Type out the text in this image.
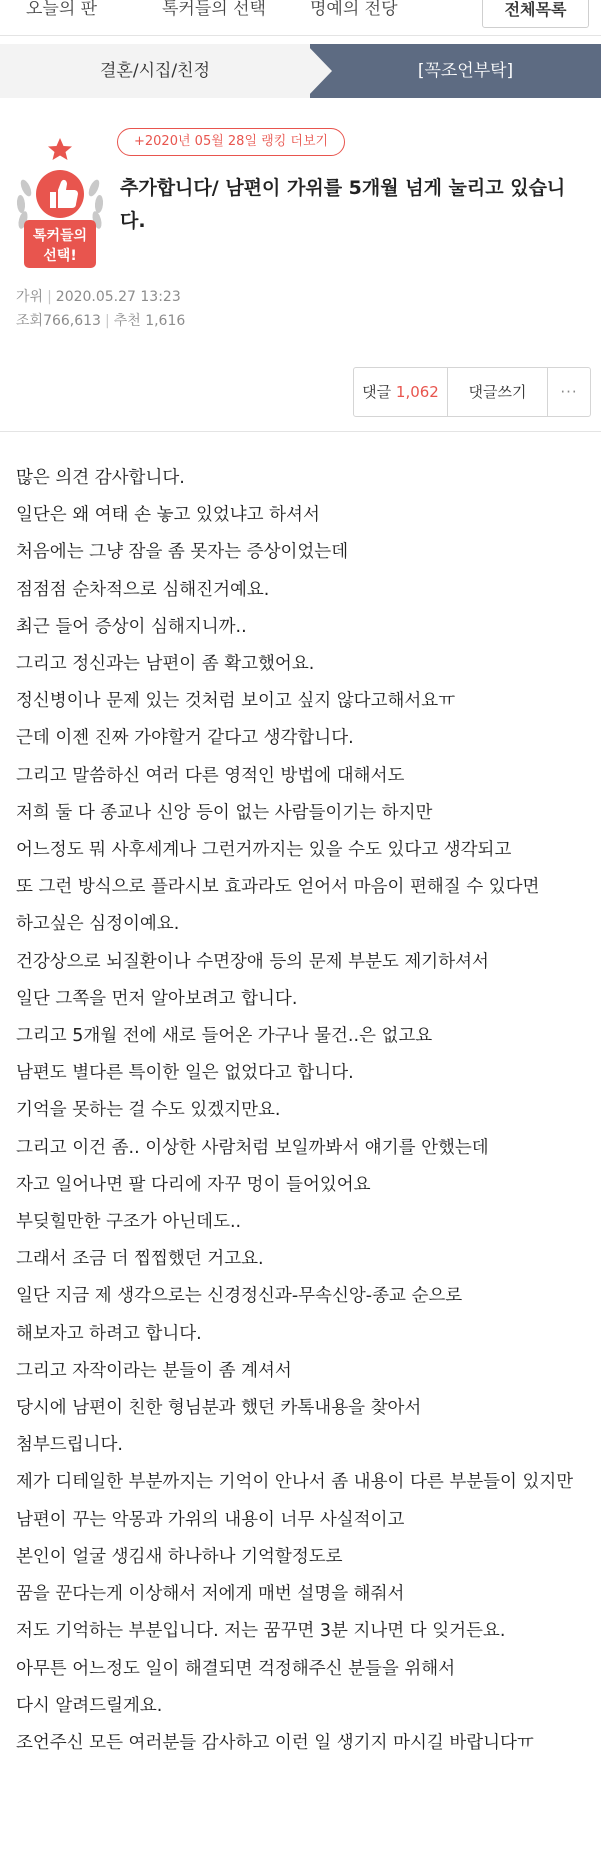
오늘의 판	톡커들의 선택	명예의 전당	전체목록
결혼/시집/친정	[꼭조언부탁]
+2020년 05월 28일 랭킹 더보기
톡커들의
선택!
추가합니다/ 남편이 가위를 5개월 넘게 눌리고 있습니다.
가위 | 2020.05.27 13:23
조회766,613 | 추천 1,616
댓글 1,062	댓글쓰기	···
많은 의견 감사합니다.
일단은 왜 여태 손 놓고 있었냐고 하셔서
처음에는 그냥 잠을 좀 못자는 증상이었는데
점점점 순차적으로 심해진거예요.
최근 들어 증상이 심해지니까..
그리고 정신과는 남편이 좀 확고했어요.
정신병이나 문제 있는 것처럼 보이고 싶지 않다고해서요ㅠ
근데 이젠 진짜 가야할거 같다고 생각합니다.
그리고 말씀하신 여러 다른 영적인 방법에 대해서도
저희 둘 다 종교나 신앙 등이 없는 사람들이기는 하지만
어느정도 뭐 사후세계나 그런거까지는 있을 수도 있다고 생각되고
또 그런 방식으로 플라시보 효과라도 얻어서 마음이 편해질 수 있다면
하고싶은 심정이예요.
건강상으로 뇌질환이나 수면장애 등의 문제 부분도 제기하셔서
일단 그쪽을 먼저 알아보려고 합니다.
그리고 5개월 전에 새로 들어온 가구나 물건..은 없고요
남편도 별다른 특이한 일은 없었다고 합니다.
기억을 못하는 걸 수도 있겠지만요.
그리고 이건 좀.. 이상한 사람처럼 보일까봐서 얘기를 안했는데
자고 일어나면 팔 다리에 자꾸 멍이 들어있어요
부딪힐만한 구조가 아닌데도..
그래서 조금 더 찝찝했던 거고요.
일단 지금 제 생각으로는 신경정신과-무속신앙-종교 순으로
해보자고 하려고 합니다.
그리고 자작이라는 분들이 좀 계셔서
당시에 남편이 친한 형님분과 했던 카톡내용을 찾아서
첨부드립니다.
제가 디테일한 부분까지는 기억이 안나서 좀 내용이 다른 부분들이 있지만
남편이 꾸는 악몽과 가위의 내용이 너무 사실적이고
본인이 얼굴 생김새 하나하나 기억할정도로
꿈을 꾼다는게 이상해서 저에게 매번 설명을 해줘서
저도 기억하는 부분입니다. 저는 꿈꾸면 3분 지나면 다 잊거든요.
아무튼 어느정도 일이 해결되면 걱정해주신 분들을 위해서
다시 알려드릴게요.
조언주신 모든 여러분들 감사하고 이런 일 생기지 마시길 바랍니다ㅠ
